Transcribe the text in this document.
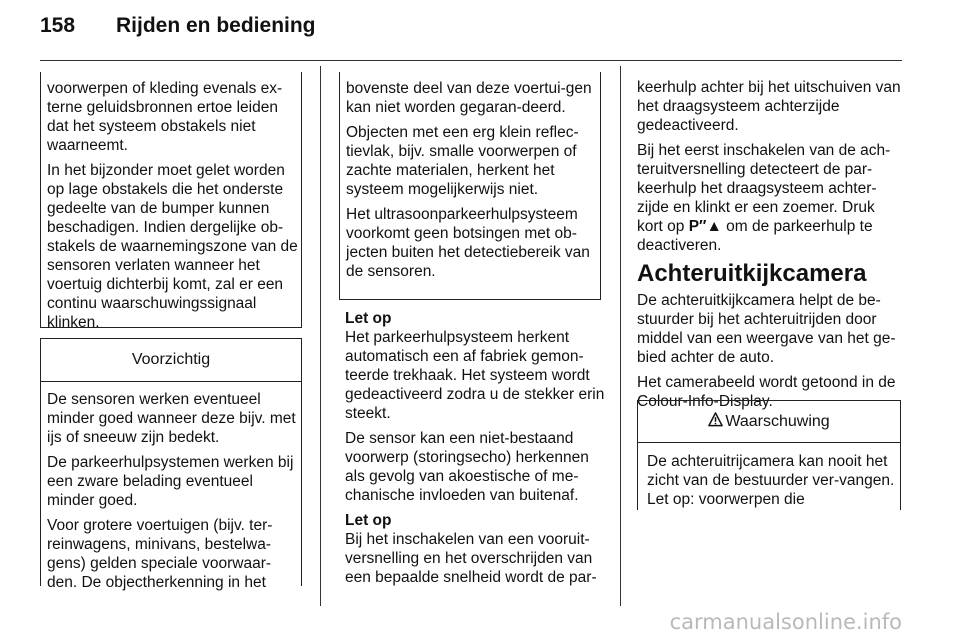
158 Rijden en bediening

voorwerpen of kleding evenals ex-terne geluidsbronnen ertoe leiden dat het systeem obstakels niet waarneemt.

In het bijzonder moet gelet worden op lage obstakels die het onderste gedeelte van de bumper kunnen beschadigen. Indien dergelijke ob-stakels de waarnemingszone van de sensoren verlaten wanneer het voertuig dichterbij komt, zal er een continu waarschuwingssignaal klinken.

Voorzichtig

De sensoren werken eventueel minder goed wanneer deze bijv. met ijs of sneeuw zijn bedekt.

De parkeerhulpsystemen werken bij een zware belading eventueel minder goed.

Voor grotere voertuigen (bijv. ter-reinwagens, minivans, bestelwa-gens) gelden speciale voorwaar-den. De objectherkenning in het

bovenste deel van deze voertui-gen kan niet worden gegaran-deerd.

Objecten met een erg klein reflec-tievlak, bijv. smalle voorwerpen of zachte materialen, herkent het systeem mogelijkerwijs niet.

Het ultrasoonparkeerhulpsysteem voorkomt geen botsingen met ob-jecten buiten het detectiebereik van de sensoren.

Let op

Het parkeerhulpsysteem herkent automatisch een af fabriek gemon-teerde trekhaak. Het systeem wordt gedeactiveerd zodra u de stekker erin steekt.

De sensor kan een niet-bestaand voorwerp (storingsecho) herkennen als gevolg van akoestische of me-chanische invloeden van buitenaf.

Let op

Bij het inschakelen van een vooruit-versnelling en het overschrijden van een bepaalde snelheid wordt de par-

keerhulp achter bij het uitschuiven van het draagsysteem achterzijde gedeactiveerd.

Bij het eerst inschakelen van de ach-teruitversnelling detecteert de par-keerhulp het draagsysteem achter-zijde en klinkt er een zoemer. Druk kort op P″▲ om de parkeerhulp te deactiveren.

Achteruitkijkcamera

De achteruitkijkcamera helpt de be-stuurder bij het achteruitrijden door middel van een weergave van het ge-bied achter de auto.

Het camerabeeld wordt getoond in de Colour-Info-Display.

Waarschuwing

De achteruitrijcamera kan nooit het zicht van de bestuurder ver-vangen. Let op: voorwerpen die

carmanualsonline.info
